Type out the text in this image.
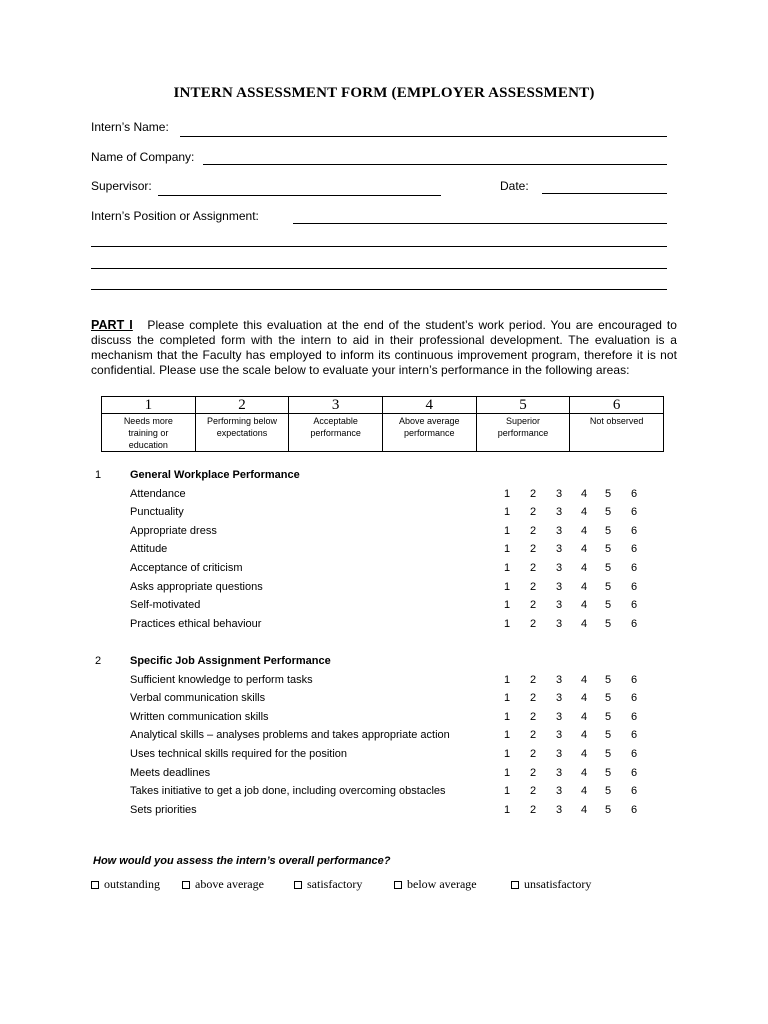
INTERN ASSESSMENT FORM (EMPLOYER ASSESSMENT)
Intern’s Name:
Name of Company:
Supervisor:	Date:
Intern’s Position or Assignment:
PART I Please complete this evaluation at the end of the student’s work period. You are encouraged to discuss the completed form with the intern to aid in their professional development. The evaluation is a mechanism that the Faculty has employed to inform its continuous improvement program, therefore it is not confidential. Please use the scale below to evaluate your intern’s performance in the following areas:
1	2	3	4	5	6
Needs more training or education	Performing below expectations	Acceptable performance	Above average performance	Superior performance	Not observed
1	General Workplace Performance
Attendance	1	2	3	4	5	6
Punctuality	1	2	3	4	5	6
Appropriate dress	1	2	3	4	5	6
Attitude	1	2	3	4	5	6
Acceptance of criticism	1	2	3	4	5	6
Asks appropriate questions	1	2	3	4	5	6
Self-motivated	1	2	3	4	5	6
Practices ethical behaviour	1	2	3	4	5	6
2	Specific Job Assignment Performance
Sufficient knowledge to perform tasks	1	2	3	4	5	6
Verbal communication skills	1	2	3	4	5	6
Written communication skills	1	2	3	4	5	6
Analytical skills – analyses problems and takes appropriate action	1	2	3	4	5	6
Uses technical skills required for the position	1	2	3	4	5	6
Meets deadlines	1	2	3	4	5	6
Takes initiative to get a job done, including overcoming obstacles	1	2	3	4	5	6
Sets priorities	1	2	3	4	5	6
How would you assess the intern’s overall performance?
outstanding	above average	satisfactory	below average	unsatisfactory
